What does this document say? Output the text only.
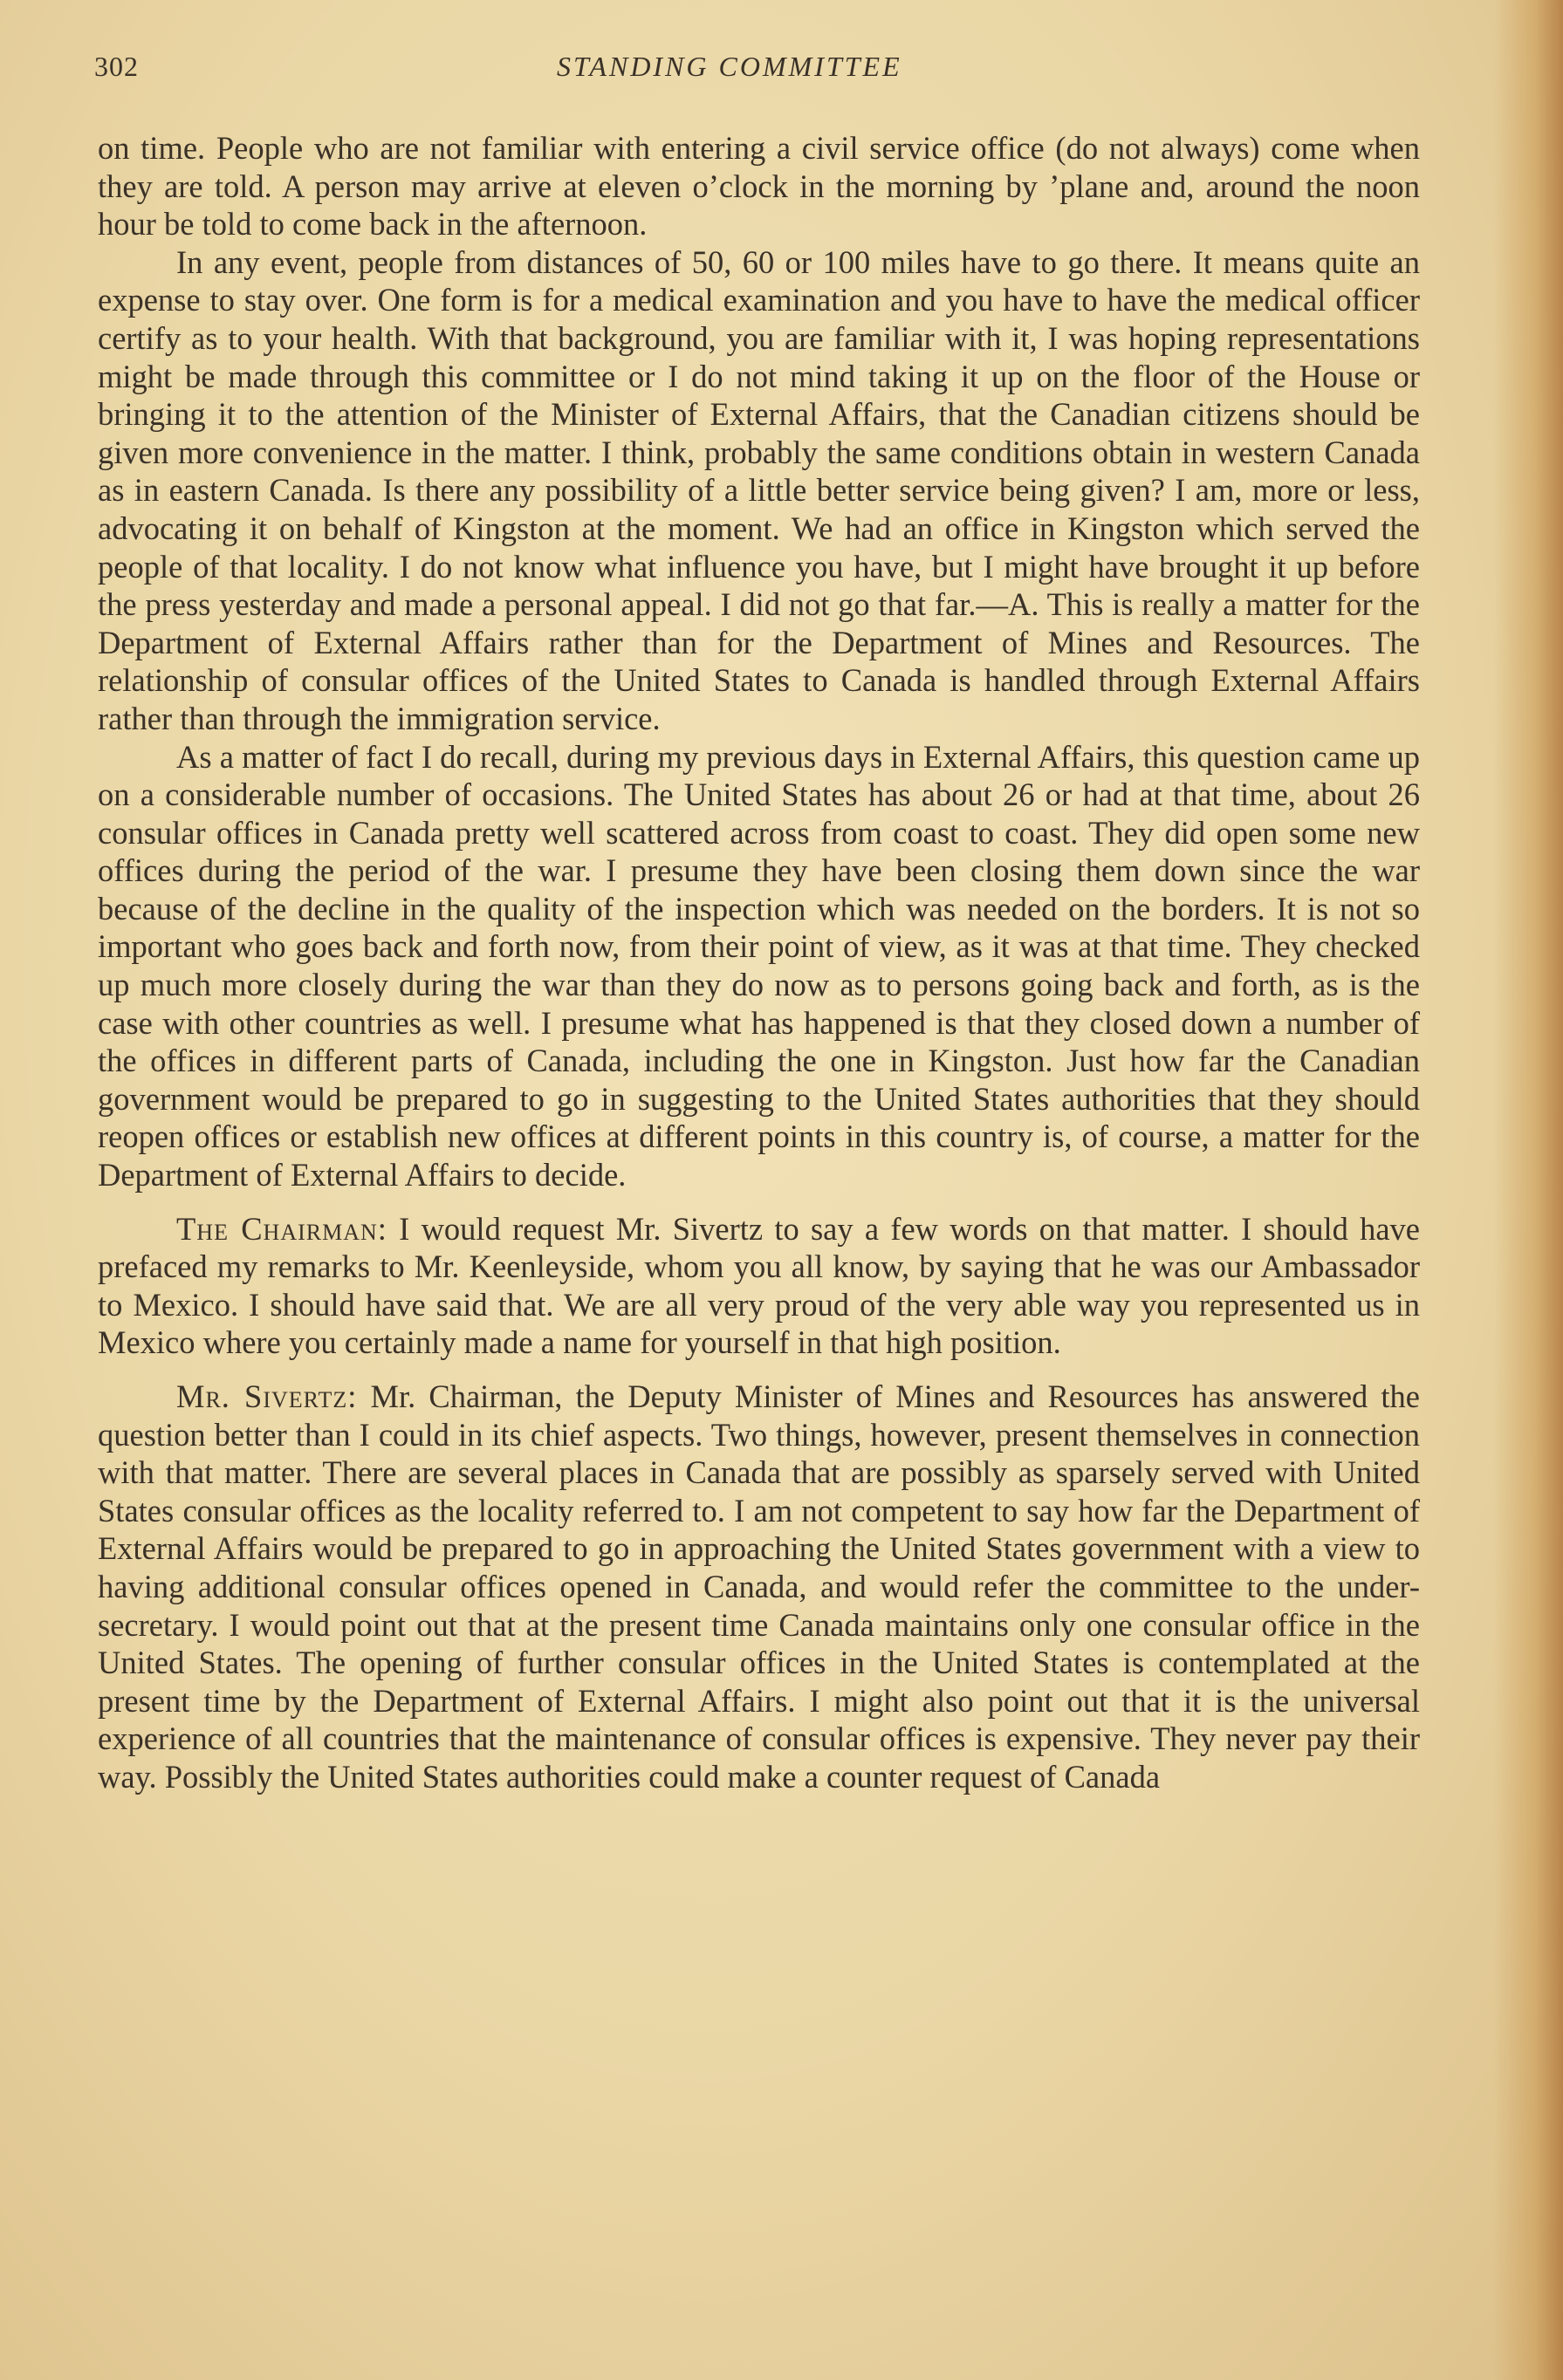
302	STANDING COMMITTEE

on time. People who are not familiar with entering a civil service office (do not always) come when they are told. A person may arrive at eleven o’clock in the morning by ’plane and, around the noon hour be told to come back in the afternoon.

In any event, people from distances of 50, 60 or 100 miles have to go there. It means quite an expense to stay over. One form is for a medical examination and you have to have the medical officer certify as to your health. With that background, you are familiar with it, I was hoping representations might be made through this committee or I do not mind taking it up on the floor of the House or bringing it to the attention of the Minister of External Affairs, that the Canadian citizens should be given more convenience in the matter. I think, probably the same conditions obtain in western Canada as in eastern Canada. Is there any possibility of a little better service being given? I am, more or less, advocating it on behalf of Kingston at the moment. We had an office in Kingston which served the people of that locality. I do not know what influence you have, but I might have brought it up before the press yesterday and made a personal appeal. I did not go that far.—A. This is really a matter for the Department of External Affairs rather than for the Department of Mines and Resources. The relationship of consular offices of the United States to Canada is handled through External Affairs rather than through the immigration service.

As a matter of fact I do recall, during my previous days in External Affairs, this question came up on a considerable number of occasions. The United States has about 26 or had at that time, about 26 consular offices in Canada pretty well scattered across from coast to coast. They did open some new offices during the period of the war. I presume they have been closing them down since the war because of the decline in the quality of the inspection which was needed on the borders. It is not so important who goes back and forth now, from their point of view, as it was at that time. They checked up much more closely during the war than they do now as to persons going back and forth, as is the case with other countries as well. I presume what has happened is that they closed down a number of the offices in different parts of Canada, including the one in Kingston. Just how far the Canadian government would be prepared to go in suggesting to the United States authorities that they should reopen offices or establish new offices at different points in this country is, of course, a matter for the Department of External Affairs to decide.

The Chairman: I would request Mr. Sivertz to say a few words on that matter. I should have prefaced my remarks to Mr. Keenleyside, whom you all know, by saying that he was our Ambassador to Mexico. I should have said that. We are all very proud of the very able way you represented us in Mexico where you certainly made a name for yourself in that high position.

Mr. Sivertz: Mr. Chairman, the Deputy Minister of Mines and Resources has answered the question better than I could in its chief aspects. Two things, however, present themselves in connection with that matter. There are several places in Canada that are possibly as sparsely served with United States consular offices as the locality referred to. I am not competent to say how far the Department of External Affairs would be prepared to go in approaching the United States government with a view to having additional consular offices opened in Canada, and would refer the committee to the under-secretary. I would point out that at the present time Canada maintains only one consular office in the United States. The opening of further consular offices in the United States is contemplated at the present time by the Department of External Affairs. I might also point out that it is the universal experience of all countries that the maintenance of consular offices is expensive. They never pay their way. Possibly the United States authorities could make a counter request of Canada
